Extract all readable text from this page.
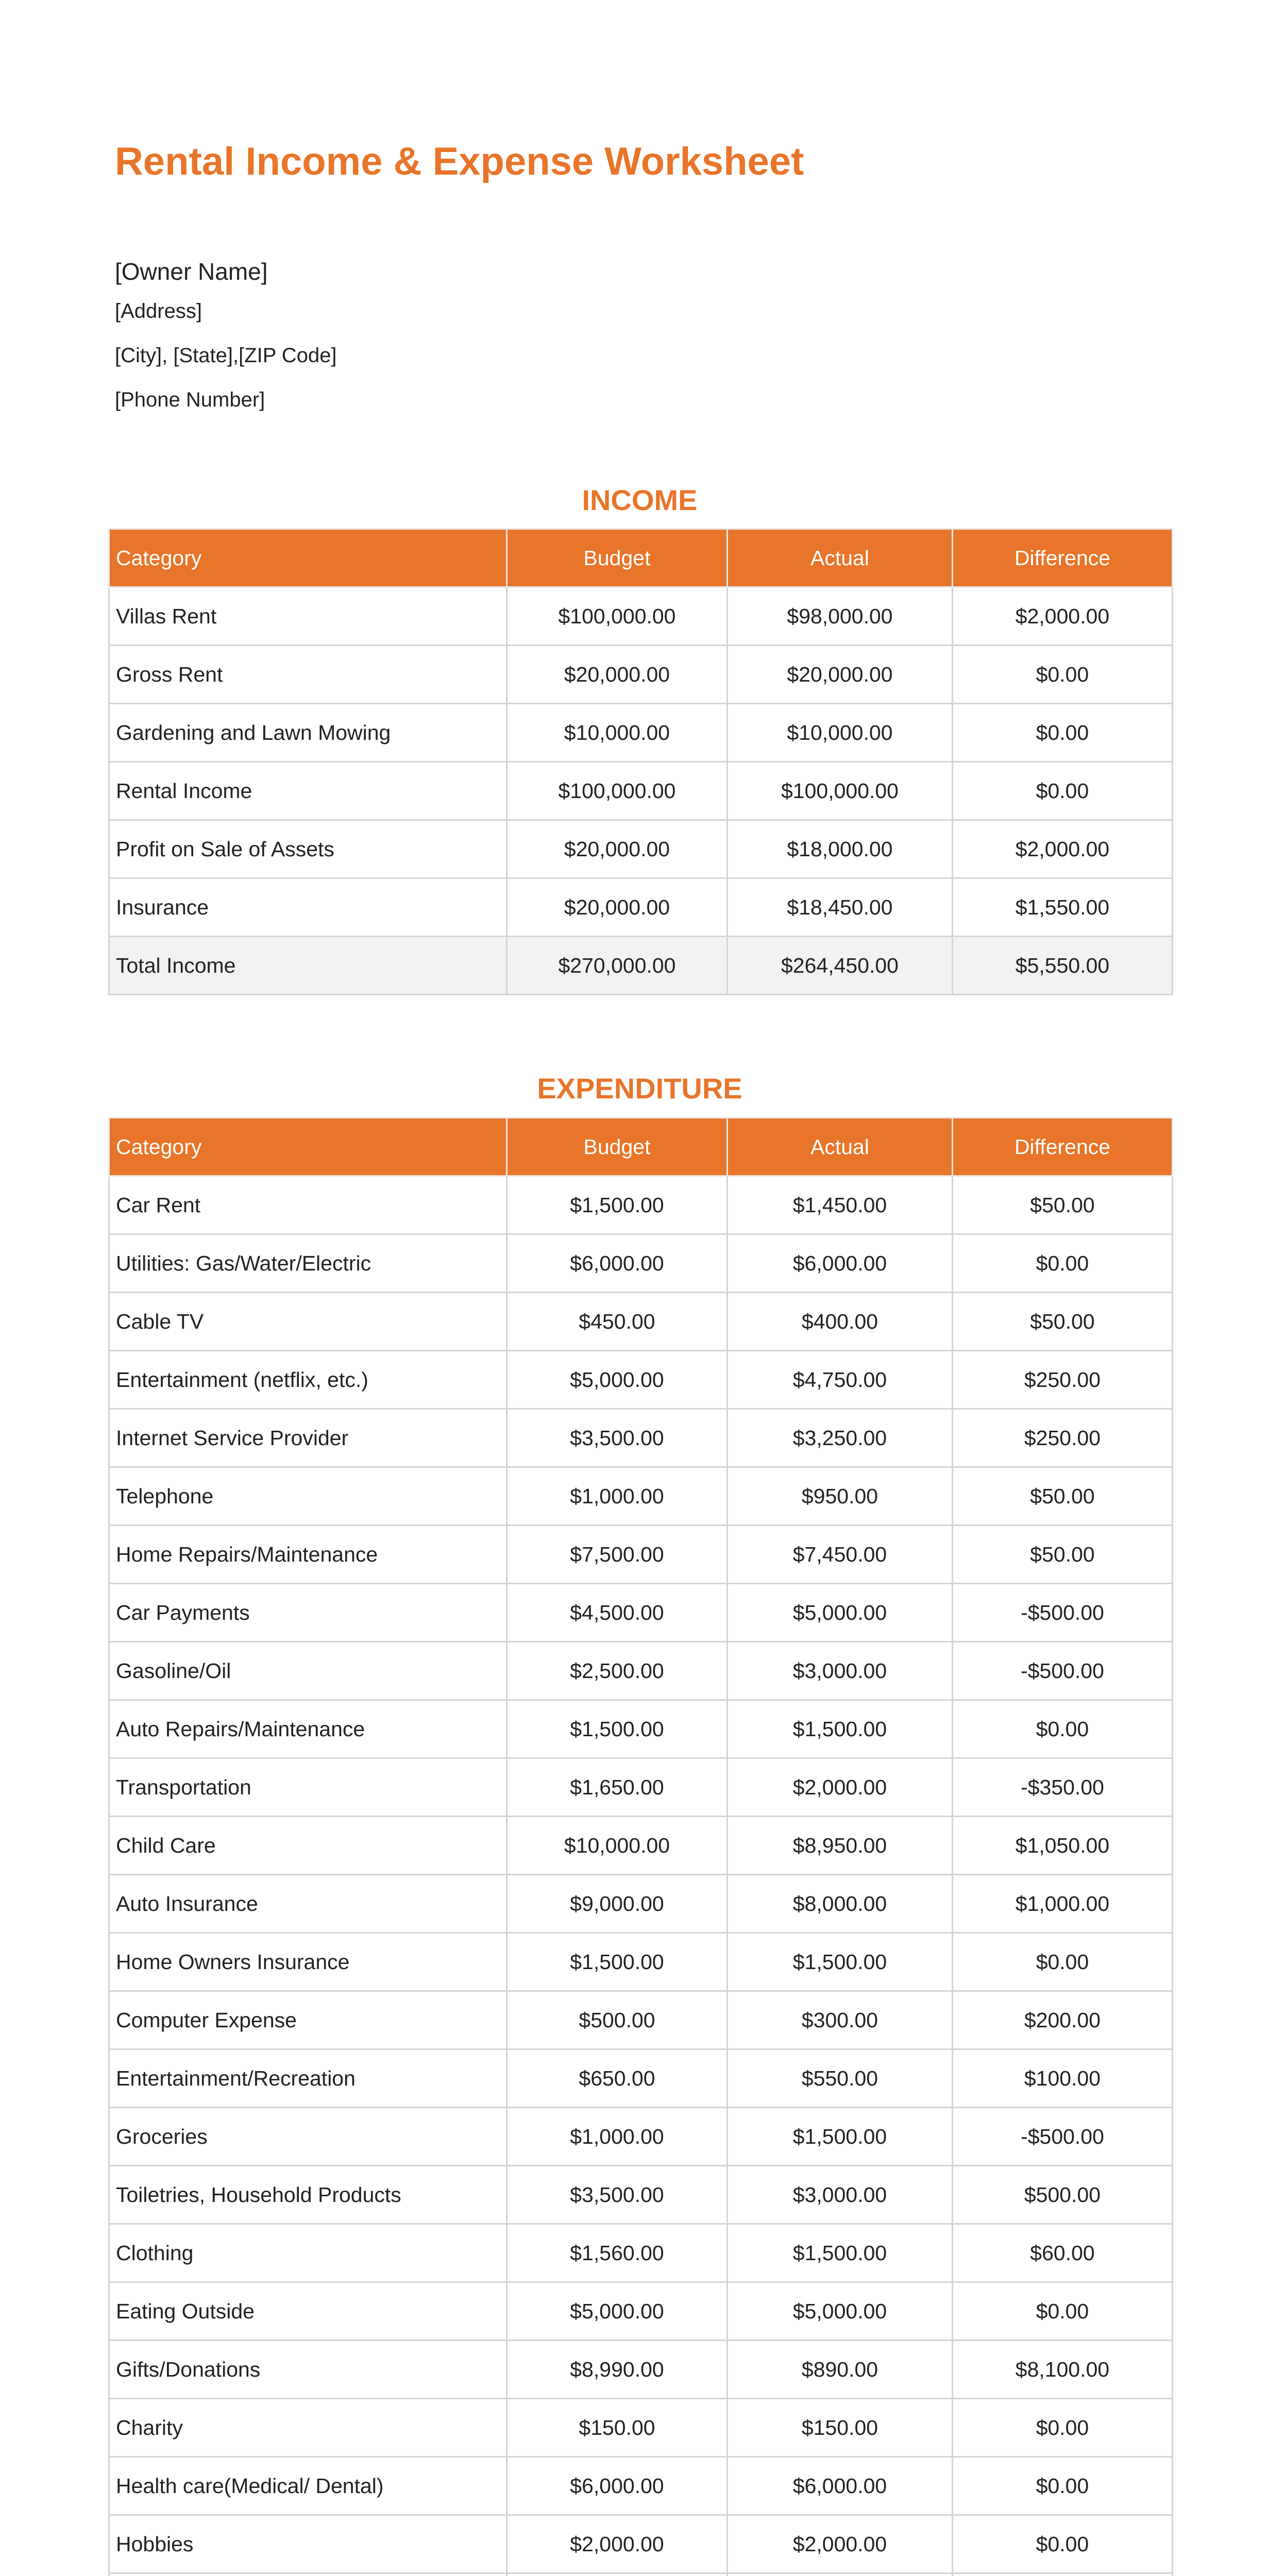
Rental Income & Expense Worksheet
[Owner Name]
[Address]
[City], [State],[ZIP Code]
[Phone Number]
INCOME
Category	Budget	Actual	Difference
Villas Rent	$100,000.00	$98,000.00	$2,000.00
Gross Rent	$20,000.00	$20,000.00	$0.00
Gardening and Lawn Mowing	$10,000.00	$10,000.00	$0.00
Rental Income	$100,000.00	$100,000.00	$0.00
Profit on Sale of Assets	$20,000.00	$18,000.00	$2,000.00
Insurance	$20,000.00	$18,450.00	$1,550.00
Total Income	$270,000.00	$264,450.00	$5,550.00
EXPENDITURE
Category	Budget	Actual	Difference
Car Rent	$1,500.00	$1,450.00	$50.00
Utilities: Gas/Water/Electric	$6,000.00	$6,000.00	$0.00
Cable TV	$450.00	$400.00	$50.00
Entertainment (netflix, etc.)	$5,000.00	$4,750.00	$250.00
Internet Service Provider	$3,500.00	$3,250.00	$250.00
Telephone	$1,000.00	$950.00	$50.00
Home Repairs/Maintenance	$7,500.00	$7,450.00	$50.00
Car Payments	$4,500.00	$5,000.00	-$500.00
Gasoline/Oil	$2,500.00	$3,000.00	-$500.00
Auto Repairs/Maintenance	$1,500.00	$1,500.00	$0.00
Transportation	$1,650.00	$2,000.00	-$350.00
Child Care	$10,000.00	$8,950.00	$1,050.00
Auto Insurance	$9,000.00	$8,000.00	$1,000.00
Home Owners Insurance	$1,500.00	$1,500.00	$0.00
Computer Expense	$500.00	$300.00	$200.00
Entertainment/Recreation	$650.00	$550.00	$100.00
Groceries	$1,000.00	$1,500.00	-$500.00
Toiletries, Household Products	$3,500.00	$3,000.00	$500.00
Clothing	$1,560.00	$1,500.00	$60.00
Eating Outside	$5,000.00	$5,000.00	$0.00
Gifts/Donations	$8,990.00	$890.00	$8,100.00
Charity	$150.00	$150.00	$0.00
Health care(Medical/ Dental)	$6,000.00	$6,000.00	$0.00
Hobbies	$2,000.00	$2,000.00	$0.00
